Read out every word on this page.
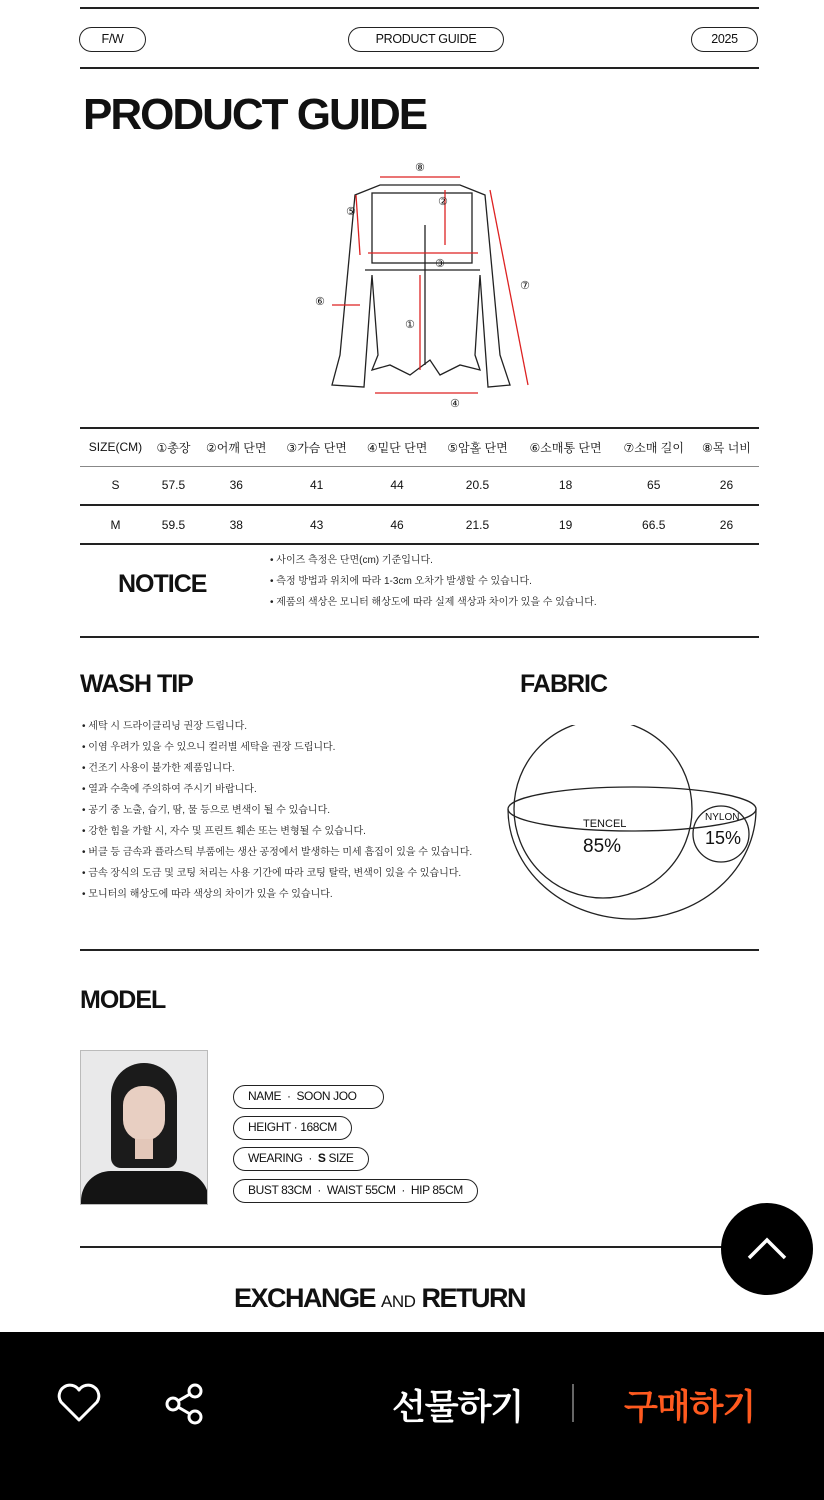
F/W	PRODUCT GUIDE	2025
PRODUCT GUIDE
⑧
②
③
①
④
⑤
⑥
⑦
SIZE(CM)	①총장	②어깨 단면	③가슴 단면	④밑단 단면	⑤암홀 단면	⑥소매통 단면	⑦소매 길이	⑧목 너비
S	57.5	36	41	44	20.5	18	65	26
M	59.5	38	43	46	21.5	19	66.5	26
NOTICE
• 사이즈 측정은 단면(cm) 기준입니다.
• 측정 방법과 위치에 따라 1-3cm 오차가 발생할 수 있습니다.
• 제품의 색상은 모니터 해상도에 따라 실제 색상과 차이가 있을 수 있습니다.
WASH TIP
• 세탁 시 드라이클리닝 권장 드립니다.
• 이염 우려가 있을 수 있으니 컬러별 세탁을 권장 드립니다.
• 건조기 사용이 불가한 제품입니다.
• 열과 수축에 주의하여 주시기 바랍니다.
• 공기 중 노출, 습기, 땀, 물 등으로 변색이 될 수 있습니다.
• 강한 힘을 가할 시, 자수 및 프린트 훼손 또는 변형될 수 있습니다.
• 버클 등 금속과 플라스틱 부품에는 생산 공정에서 발생하는 미세 흠집이 있을 수 있습니다.
• 금속 장식의 도금 및 코팅 처리는 사용 기간에 따라 코팅 탈락, 변색이 있을 수 있습니다.
• 모니터의 해상도에 따라 색상의 차이가 있을 수 있습니다.
FABRIC
TENCEL
85%
NYLON
15%
MODEL
NAME · SOON JOO
HEIGHT · 168CM
WEARING · S SIZE
BUST 83CM  ·  WAIST 55CM  ·  HIP 85CM
EXCHANGE AND RETURN
선물하기	구매하기
